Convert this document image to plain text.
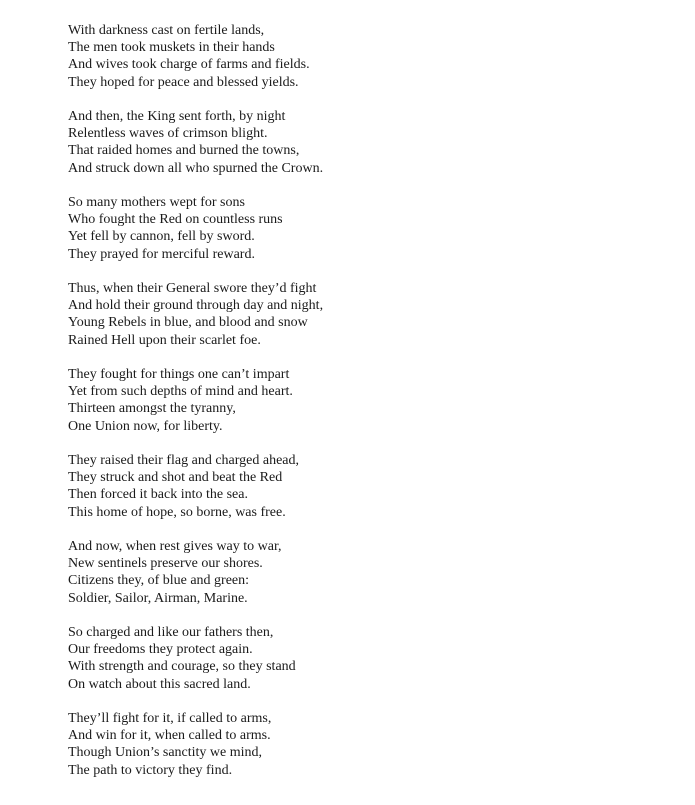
With darkness cast on fertile lands,
The men took muskets in their hands
And wives took charge of farms and fields.
They hoped for peace and blessed yields.
And then, the King sent forth, by night
Relentless waves of crimson blight.
That raided homes and burned the towns,
And struck down all who spurned the Crown.
So many mothers wept for sons
Who fought the Red on countless runs
Yet fell by cannon, fell by sword.
They prayed for merciful reward.
Thus, when their General swore they’d fight
And hold their ground through day and night,
Young Rebels in blue, and blood and snow
Rained Hell upon their scarlet foe.
They fought for things one can’t impart
Yet from such depths of mind and heart.
Thirteen amongst the tyranny,
One Union now, for liberty.
They raised their flag and charged ahead,
They struck and shot and beat the Red
Then forced it back into the sea.
This home of hope, so borne, was free.
And now, when rest gives way to war,
New sentinels preserve our shores.
Citizens they, of blue and green:
Soldier, Sailor, Airman, Marine.
So charged and like our fathers then,
Our freedoms they protect again.
With strength and courage, so they stand
On watch about this sacred land.
They’ll fight for it, if called to arms,
And win for it, when called to arms.
Though Union’s sanctity we mind,
The path to victory they find.
